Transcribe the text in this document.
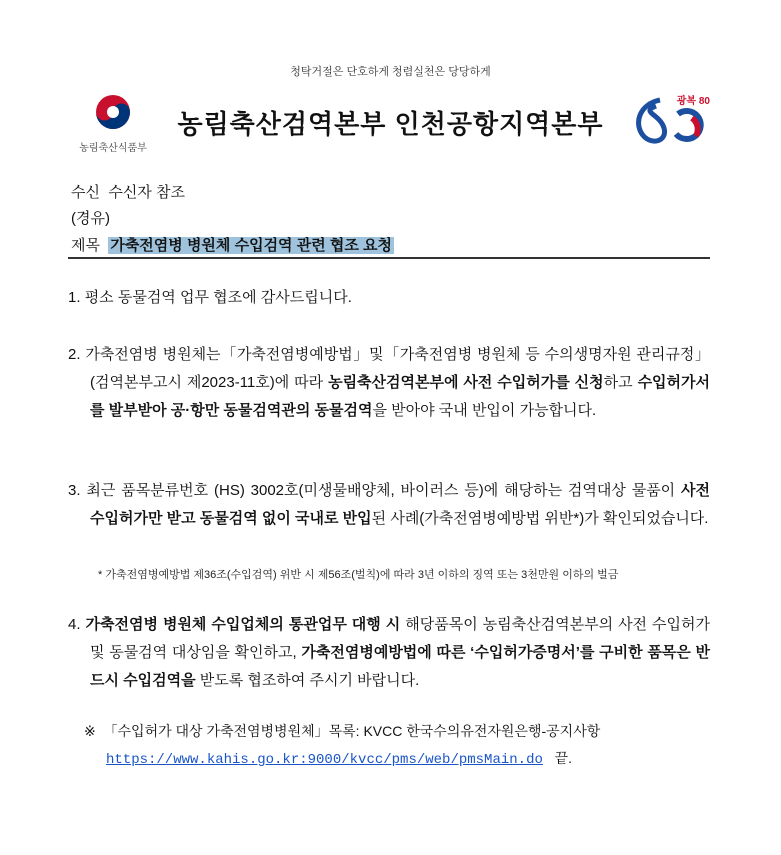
청탁거절은 단호하게 청렴실천은 당당하게
농림축산식품부
농림축산검역본부 인천공항지역본부
광복 80
수신 수신자 참조
(경유)
제목 가축전염병 병원체 수입검역 관련 협조 요청
1. 평소 동물검역 업무 협조에 감사드립니다.
2. 가축전염병 병원체는「가축전염병예방법」및「가축전염병 병원체 등 수의생명자원 관리규정」(검역본부고시 제2023-11호)에 따라 농림축산검역본부에 사전 수입허가를 신청하고 수입허가서를 발부받아 공·항만 동물검역관의 동물검역을 받아야 국내 반입이 가능합니다.
3. 최근 품목분류번호 (HS) 3002호(미생물배양체, 바이러스 등)에 해당하는 검역대상 물품이 사전 수입허가만 받고 동물검역 없이 국내로 반입된 사례(가축전염병예방법 위반*)가 확인되었습니다.
* 가축전염병예방법 제36조(수입검역) 위반 시 제56조(벌칙)에 따라 3년 이하의 징역 또는 3천만원 이하의 벌금
4. 가축전염병 병원체 수입업체의 통관업무 대행 시 해당품목이 농림축산검역본부의 사전 수입허가 및 동물검역 대상임을 확인하고, 가축전염병예방법에 따른 ‘수입허가증명서’를 구비한 품목은 반드시 수입검역을 받도록 협조하여 주시기 바랍니다.
※ 「수입허가 대상 가축전염병병원체」목록: KVCC 한국수의유전자원은행-공지사항
https://www.kahis.go.kr:9000/kvcc/pms/web/pmsMain.do 끝.
